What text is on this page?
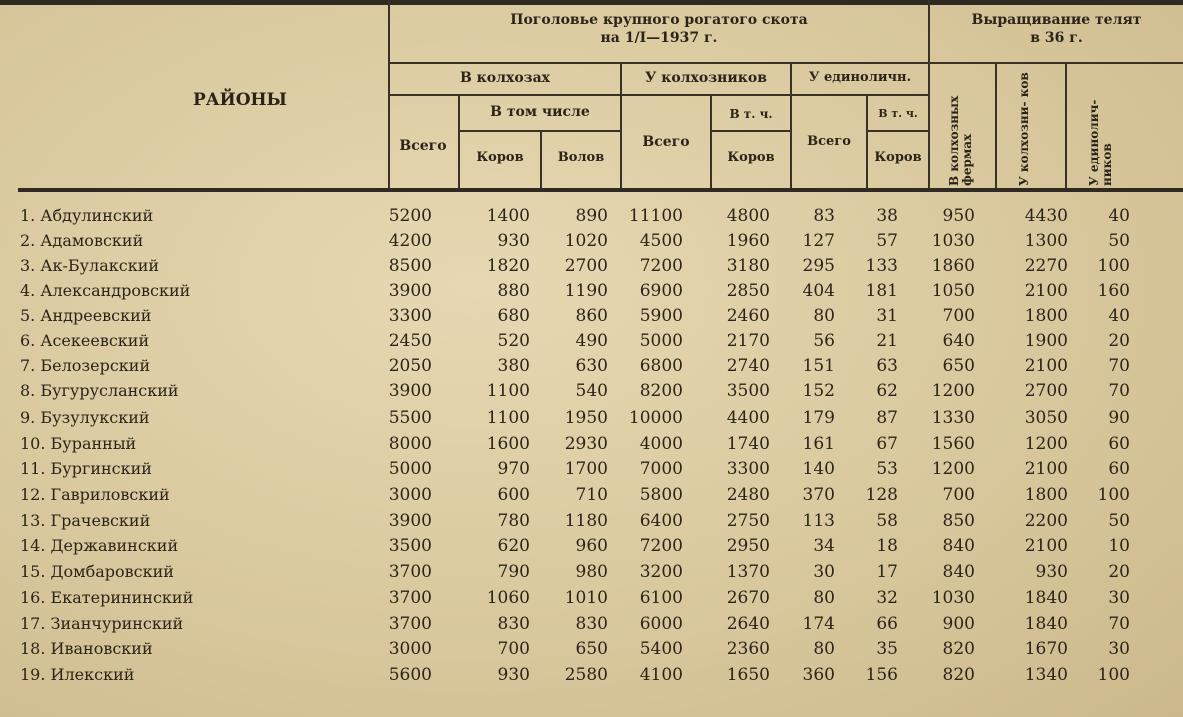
РАЙОНЫ
Поголовье крупного рогатого скота
на 1/I—1937 г.
В колхозах
В том числе
Всего
Коров	Волов
У колхозников
Всего
В т. ч.
Коров
У единоличн.
Всего
В т. ч.
Коров
Выращивание телят
в 36 г.
В колхозных фермах	У колхозни- ков	У единолич- ников
1. Абдулинский	5200	1400	890	11100	4800	83	38	950	4430	40
2. Адамовский	4200	930	1020	4500	1960	127	57	1030	1300	50
3. Ак-Булакский	8500	1820	2700	7200	3180	295	133	1860	2270	100
4. Александровский	3900	880	1190	6900	2850	404	181	1050	2100	160
5. Андреевский	3300	680	860	5900	2460	80	31	700	1800	40
6. Асекеевский	2450	520	490	5000	2170	56	21	640	1900	20
7. Белозерский	2050	380	630	6800	2740	151	63	650	2100	70
8. Бугурусланский	3900	1100	540	8200	3500	152	62	1200	2700	70
9. Бузулукский	5500	1100	1950	10000	4400	179	87	1330	3050	90
10. Буранный	8000	1600	2930	4000	1740	161	67	1560	1200	60
11. Бургинский	5000	970	1700	7000	3300	140	53	1200	2100	60
12. Гавриловский	3000	600	710	5800	2480	370	128	700	1800	100
13. Грачевский	3900	780	1180	6400	2750	113	58	850	2200	50
14. Державинский	3500	620	960	7200	2950	34	18	840	2100	10
15. Домбаровский	3700	790	980	3200	1370	30	17	840	930	20
16. Екатерининский	3700	1060	1010	6100	2670	80	32	1030	1840	30
17. Зианчуринский	3700	830	830	6000	2640	174	66	900	1840	70
18. Ивановский	3000	700	650	5400	2360	80	35	820	1670	30
19. Илекский	5600	930	2580	4100	1650	360	156	820	1340	100
